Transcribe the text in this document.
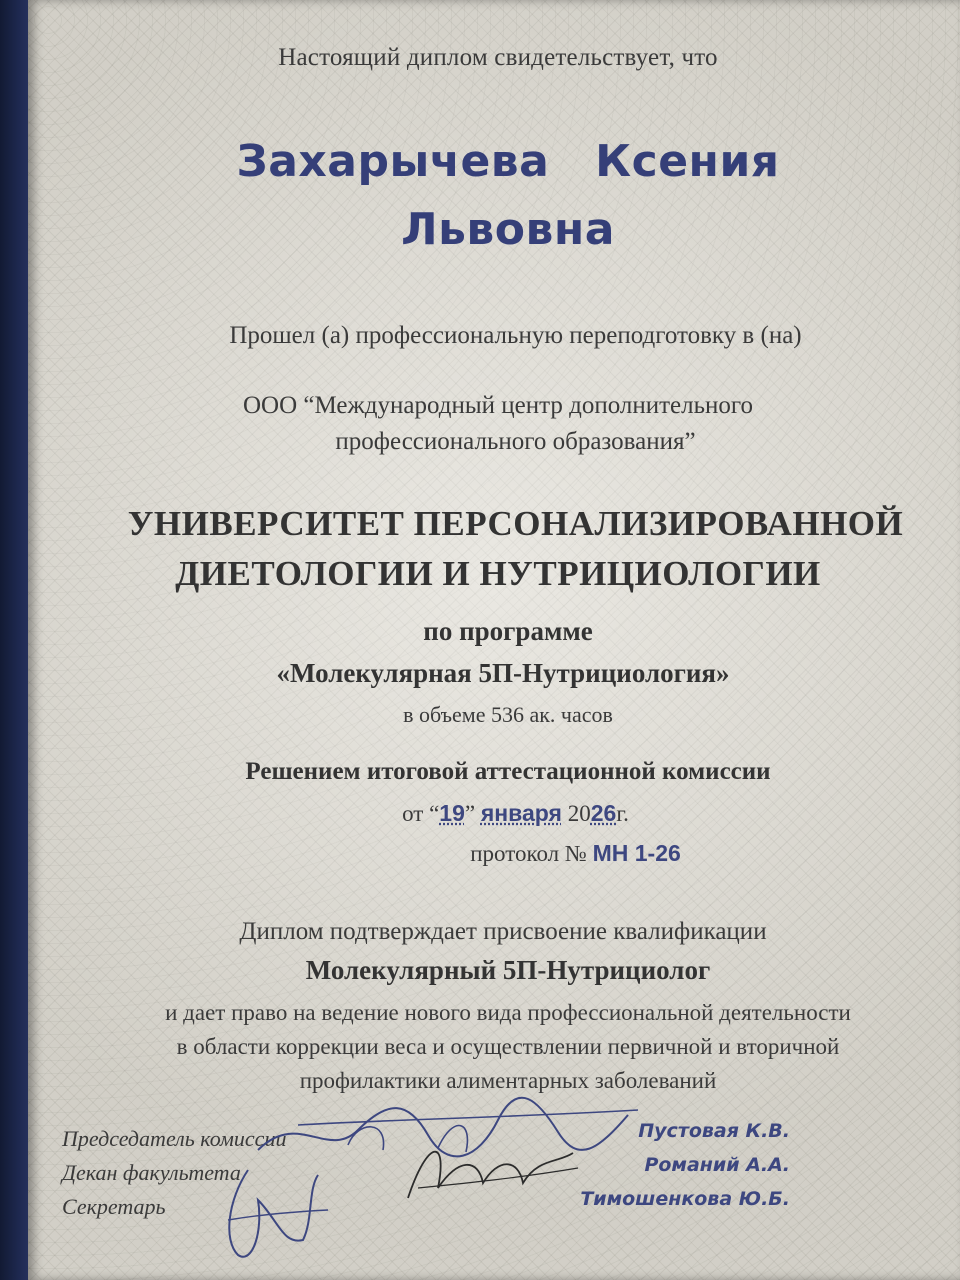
Настоящий диплом свидетельствует, что
Захарычева Ксения
Львовна
Прошел (а) профессиональную переподготовку в (на)
ООО “Международный центр дополнительного
профессионального образования”
УНИВЕРСИТЕТ ПЕРСОНАЛИЗИРОВАННОЙ
ДИЕТОЛОГИИ И НУТРИЦИОЛОГИИ
по программе
«Молекулярная 5П-Нутрициология»
в объеме 536 ак. часов
Решением итоговой аттестационной комиссии
от “19” января 2026г.
протокол № МН 1-26
Диплом подтверждает присвоение квалификации
Молекулярный 5П-Нутрициолог
и дает право на ведение нового вида профессиональной деятельности
в области коррекции веса и осуществлении первичной и вторичной
профилактики алиментарных заболеваний
Председатель комиссии
Декан факультета
Секретарь
Пустовая К.В.
Романий А.А.
Тимошенкова Ю.Б.
